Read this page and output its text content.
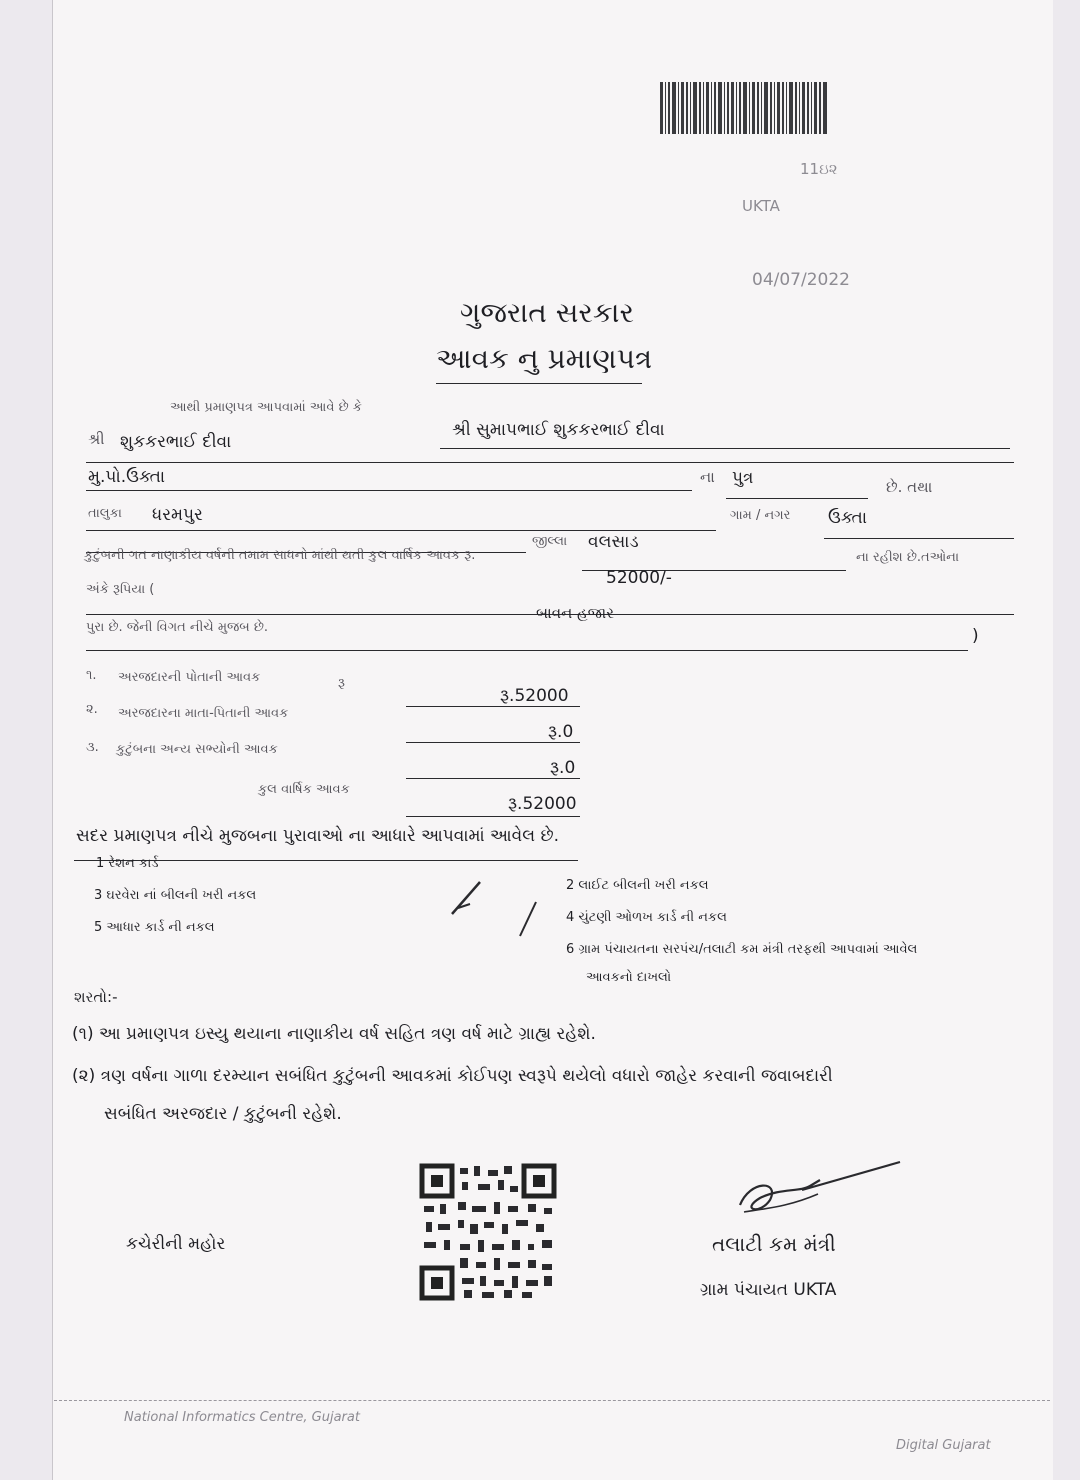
11ઇ૨
UKTA
04/07/2022
ગુજરાત સરકાર
આવક નુ પ્રમાણપત્ર
આથી પ્રમાણપત્ર આપવામાં આવે છે કે
શ્રી સુમાપભાઈ શુકકરભાઈ દીવા
શ્રી શુકકરભાઈ દીવા
મુ.પો.ઉક્તા	ના પુત્ર	છે. તથા
તાલુકા ધરમપુર	ગામ / નગર ઉક્તા
જીલ્લા વલસાડ
ના રહીશ છે.તઓના
કુટુંબની ગત નાણાકીય વર્ષની તમામ સાધનો માંથી થતી કુલ વાર્ષિક આવક રૂ.
52000/-
અંકે રૂપિયા (
બાવન હજાર
પુરા છે. જેની વિગત નીચે મુજબ છે.	)
૧. અરજદારની પોતાની આવક	રૂ
રૂ.52000
૨. અરજદારના માતા-પિતાની આવક
રૂ.0
૩. કુટુંબના અન્ય સભ્યોની આવક
રૂ.0
કુલ વાર્ષિક આવક
રૂ.52000
સદર પ્રમાણપત્ર નીચે મુજબના પુરાવાઓ ના આધારે આપવામાં આવેલ છે.
1 રેશન કાર્ડ
3 ઘરવેરા નાં બીલની ખરી નકલ
5 આધાર કાર્ડ ની નકલ
2 લાઈટ બીલની ખરી નકલ
4 ચુંટણી ઓળખ કાર્ડ ની નકલ
6 ગ્રામ પંચાયતના સરપંચ/તલાટી કમ મંત્રી તરફથી આપવામાં આવેલ
આવકનો દાખલો
શરતો:-
(૧) આ પ્રમાણપત્ર ઇસ્યુ થયાના નાણાકીય વર્ષ સહિત ત્રણ વર્ષ માટે ગ્રાહ્ય રહેશે.
(૨) ત્રણ વર્ષના ગાળા દરમ્યાન સબંધિત કુટુંબની આવકમાં કોઈપણ સ્વરૂપે થયેલો વધારો જાહેર કરવાની જવાબદારી
સબંધિત અરજદાર / કુટુંબની રહેશે.
કચેરીની મહોર	તલાટી કમ મંત્રી
ગ્રામ પંચાયત UKTA
National Informatics Centre, Gujarat
Digital Gujarat
